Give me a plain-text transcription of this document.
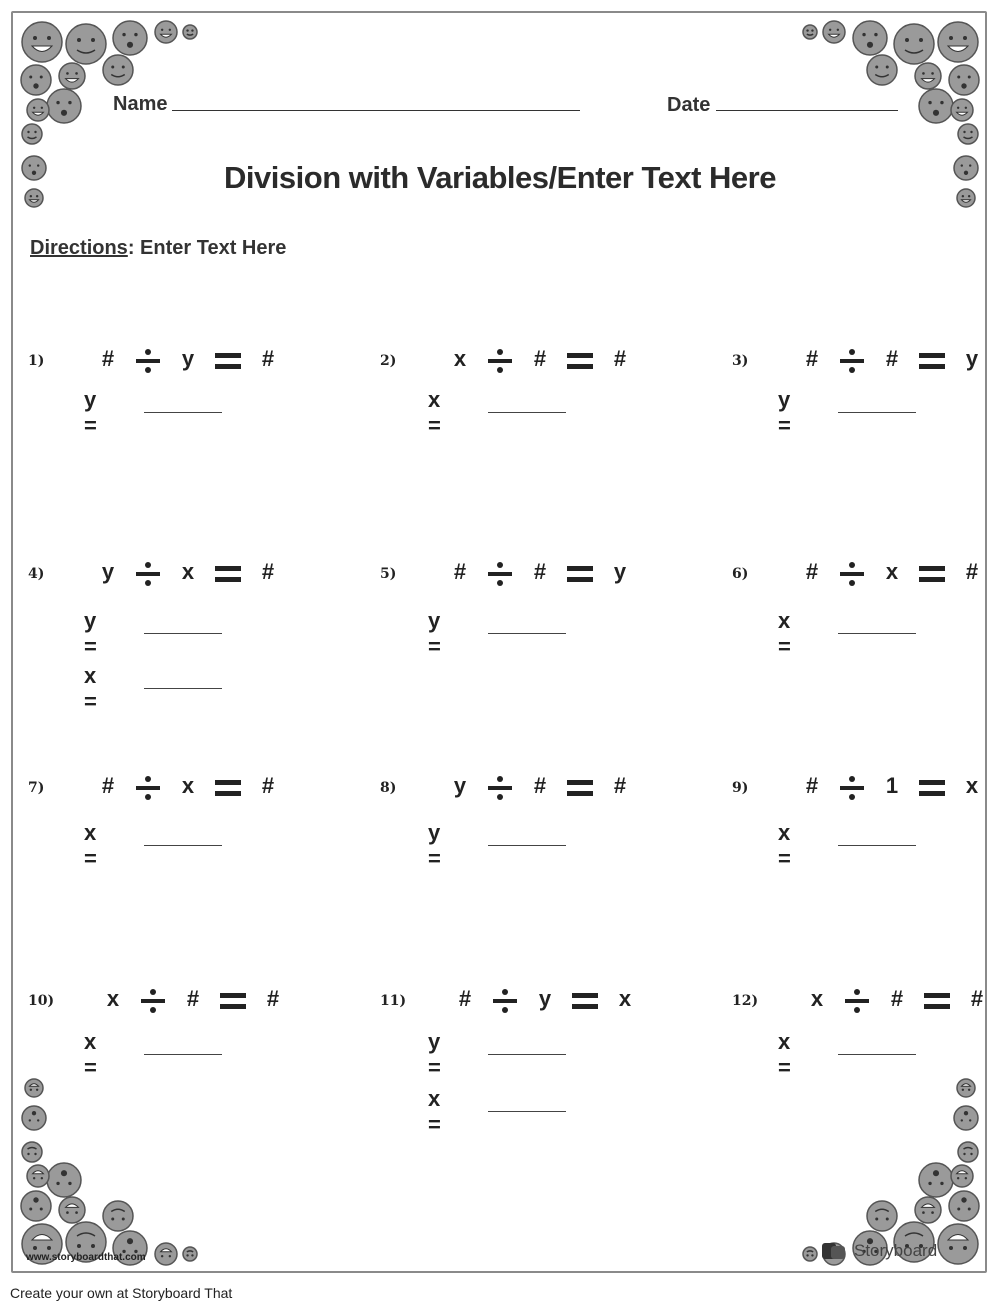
Name	Date
Division with Variables/Enter Text Here
Directions: Enter Text Here
1)	#	y	#
y =
2)	x	#	#
x =
3)	#	#	y
y =
4)	y	x	#
y =
x =
5)	#	#	y
y =
6)	#	x	#
x =
7)	#	x	#
x =
8)	y	#	#
y =
9)	#	1	x
x =
10)	x	#	#
x =
11)	#	y	x
y =
x =
12)	x	#	#
x =
www.storyboardthat.com	Storyboard
Create your own at Storyboard That
